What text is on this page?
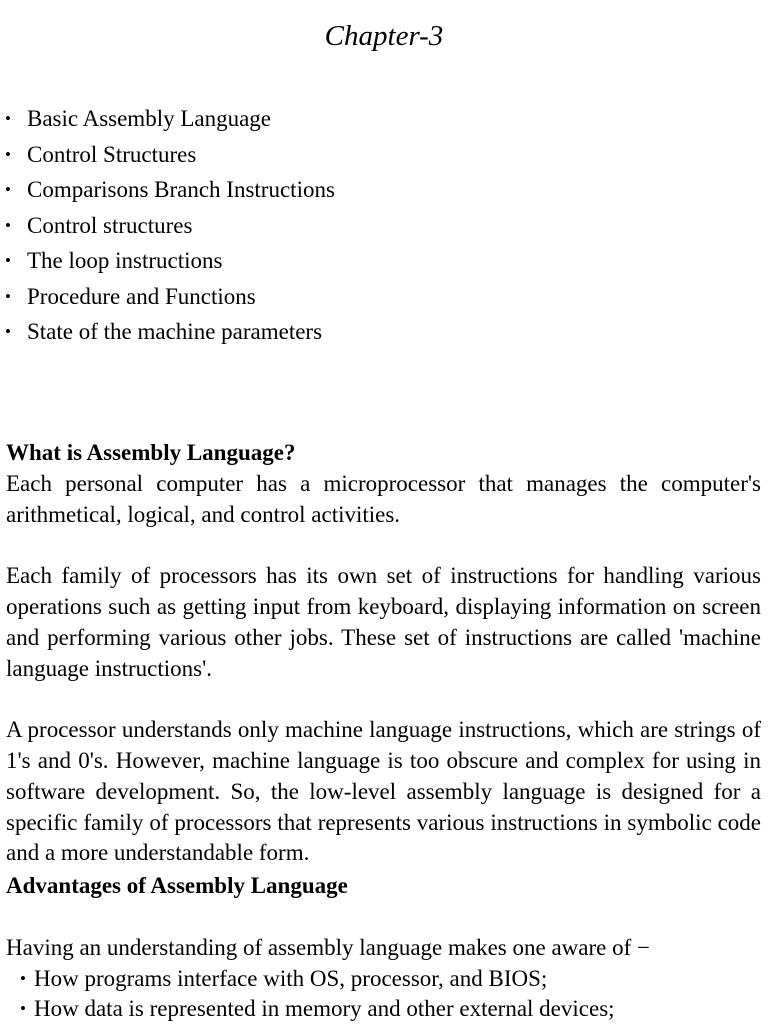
Chapter-3
• Basic Assembly Language
• Control Structures
• Comparisons Branch Instructions
• Control structures
• The loop instructions
• Procedure and Functions
• State of the machine parameters
What is Assembly Language?

Each personal computer has a microprocessor that manages the computer's arithmetical, logical, and control activities.

Each family of processors has its own set of instructions for handling various operations such as getting input from keyboard, displaying information on screen and performing various other jobs. These set of instructions are called 'machine language instructions'.

A processor understands only machine language instructions, which are strings of 1's and 0's. However, machine language is too obscure and complex for using in software development. So, the low-level assembly language is designed for a specific family of processors that represents various instructions in symbolic code and a more understandable form.

Advantages of Assembly Language

Having an understanding of assembly language makes one aware of −

• How programs interface with OS, processor, and BIOS;
• How data is represented in memory and other external devices;
